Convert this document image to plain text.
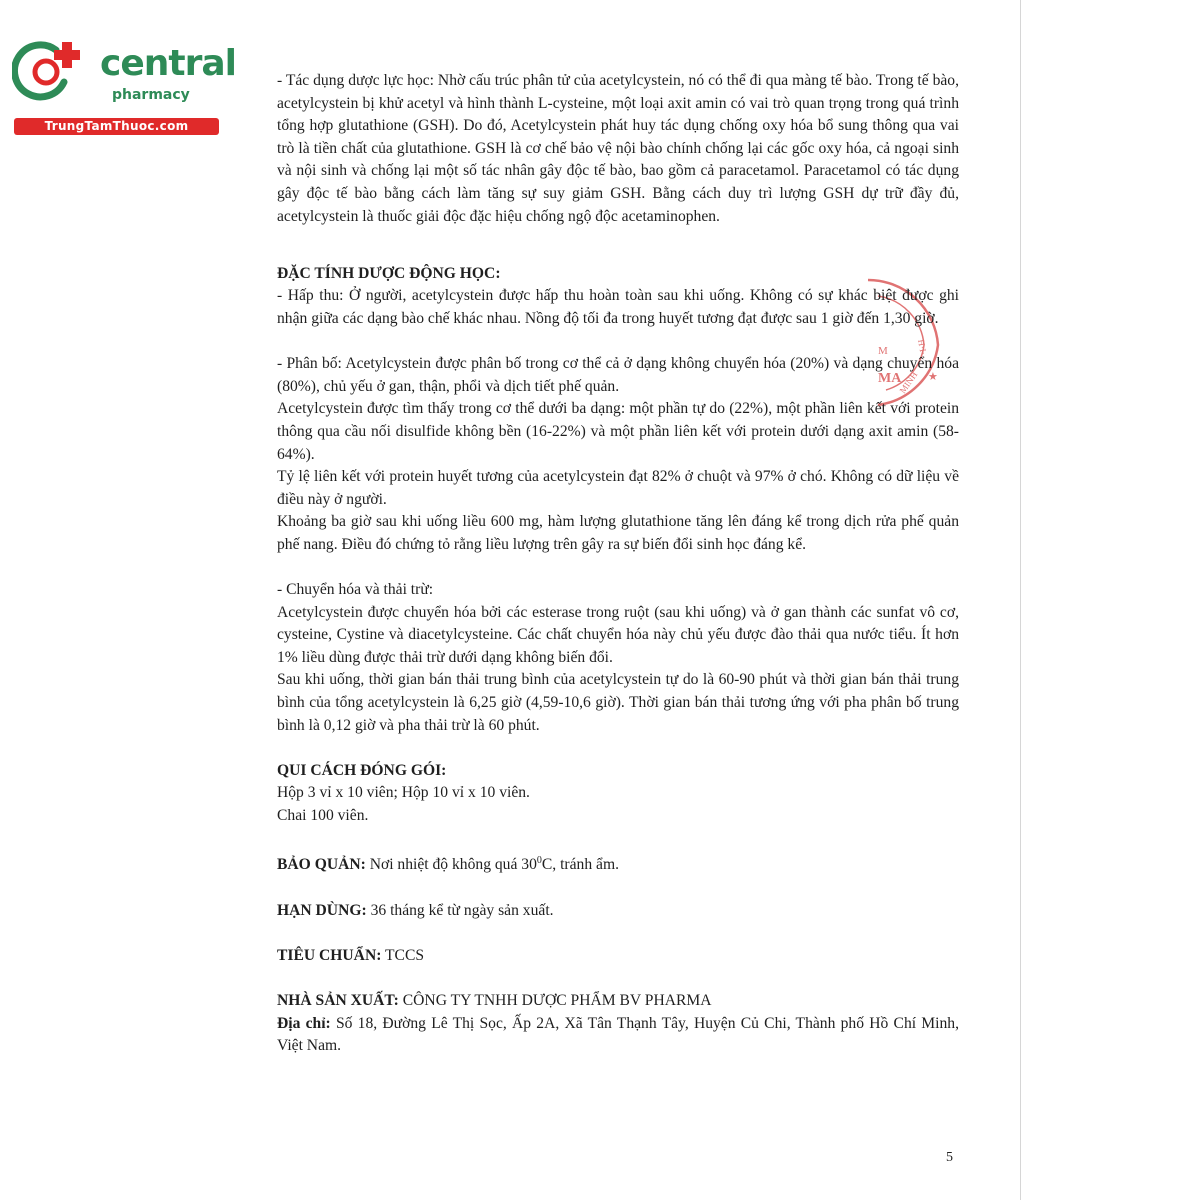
central
pharmacy
TrungTamThuoc.com
M
MA
H·I·
MINH ★

- Tác dụng dược lực học: Nhờ cấu trúc phân tử của acetylcystein, nó có thể đi qua màng tế bào. Trong tế bào, acetylcystein bị khử acetyl và hình thành L-cysteine, một loại axit amin có vai trò quan trọng trong quá trình tổng hợp glutathione (GSH). Do đó, Acetylcystein phát huy tác dụng chống oxy hóa bổ sung thông qua vai trò là tiền chất của glutathione. GSH là cơ chế bảo vệ nội bào chính chống lại các gốc oxy hóa, cả ngoại sinh và nội sinh và chống lại một số tác nhân gây độc tế bào, bao gồm cả paracetamol. Paracetamol có tác dụng gây độc tế bào bằng cách làm tăng sự suy giảm GSH. Bằng cách duy trì lượng GSH dự trữ đầy đủ, acetylcystein là thuốc giải độc đặc hiệu chống ngộ độc acetaminophen.

ĐẶC TÍNH DƯỢC ĐỘNG HỌC:

- Hấp thu: Ở người, acetylcystein được hấp thu hoàn toàn sau khi uống. Không có sự khác biệt được ghi nhận giữa các dạng bào chế khác nhau. Nồng độ tối đa trong huyết tương đạt được sau 1 giờ đến 1,30 giờ.

- Phân bố: Acetylcystein được phân bố trong cơ thể cả ở dạng không chuyển hóa (20%) và dạng chuyển hóa (80%), chủ yếu ở gan, thận, phổi và dịch tiết phế quản.

Acetylcystein được tìm thấy trong cơ thể dưới ba dạng: một phần tự do (22%), một phần liên kết với protein thông qua cầu nối disulfide không bền (16-22%) và một phần liên kết với protein dưới dạng axit amin (58-64%).

Tỷ lệ liên kết với protein huyết tương của acetylcystein đạt 82% ở chuột và 97% ở chó. Không có dữ liệu về điều này ở người.

Khoảng ba giờ sau khi uống liều 600 mg, hàm lượng glutathione tăng lên đáng kể trong dịch rửa phế quản phế nang. Điều đó chứng tỏ rằng liều lượng trên gây ra sự biến đổi sinh học đáng kể.

- Chuyển hóa và thải trừ:

Acetylcystein được chuyển hóa bởi các esterase trong ruột (sau khi uống) và ở gan thành các sunfat vô cơ, cysteine, Cystine và diacetylcysteine. Các chất chuyển hóa này chủ yếu được đào thải qua nước tiểu. Ít hơn 1% liều dùng được thải trừ dưới dạng không biến đổi.

Sau khi uống, thời gian bán thải trung bình của acetylcystein tự do là 60-90 phút và thời gian bán thải trung bình của tổng acetylcystein là 6,25 giờ (4,59-10,6 giờ). Thời gian bán thải tương ứng với pha phân bố trung bình là 0,12 giờ và pha thải trừ là 60 phút.

QUI CÁCH ĐÓNG GÓI:

Hộp 3 vỉ x 10 viên; Hộp 10 vỉ x 10 viên.

Chai 100 viên.

BẢO QUẢN: Nơi nhiệt độ không quá $30^0C$, tránh ẩm.

HẠN DÙNG: 36 tháng kể từ ngày sản xuất.

TIÊU CHUẨN: TCCS

NHÀ SẢN XUẤT: CÔNG TY TNHH DƯỢC PHẨM BV PHARMA

Địa chỉ: Số 18, Đường Lê Thị Sọc, Ấp 2A, Xã Tân Thạnh Tây, Huyện Củ Chi, Thành phố Hồ Chí Minh, Việt Nam.

5
